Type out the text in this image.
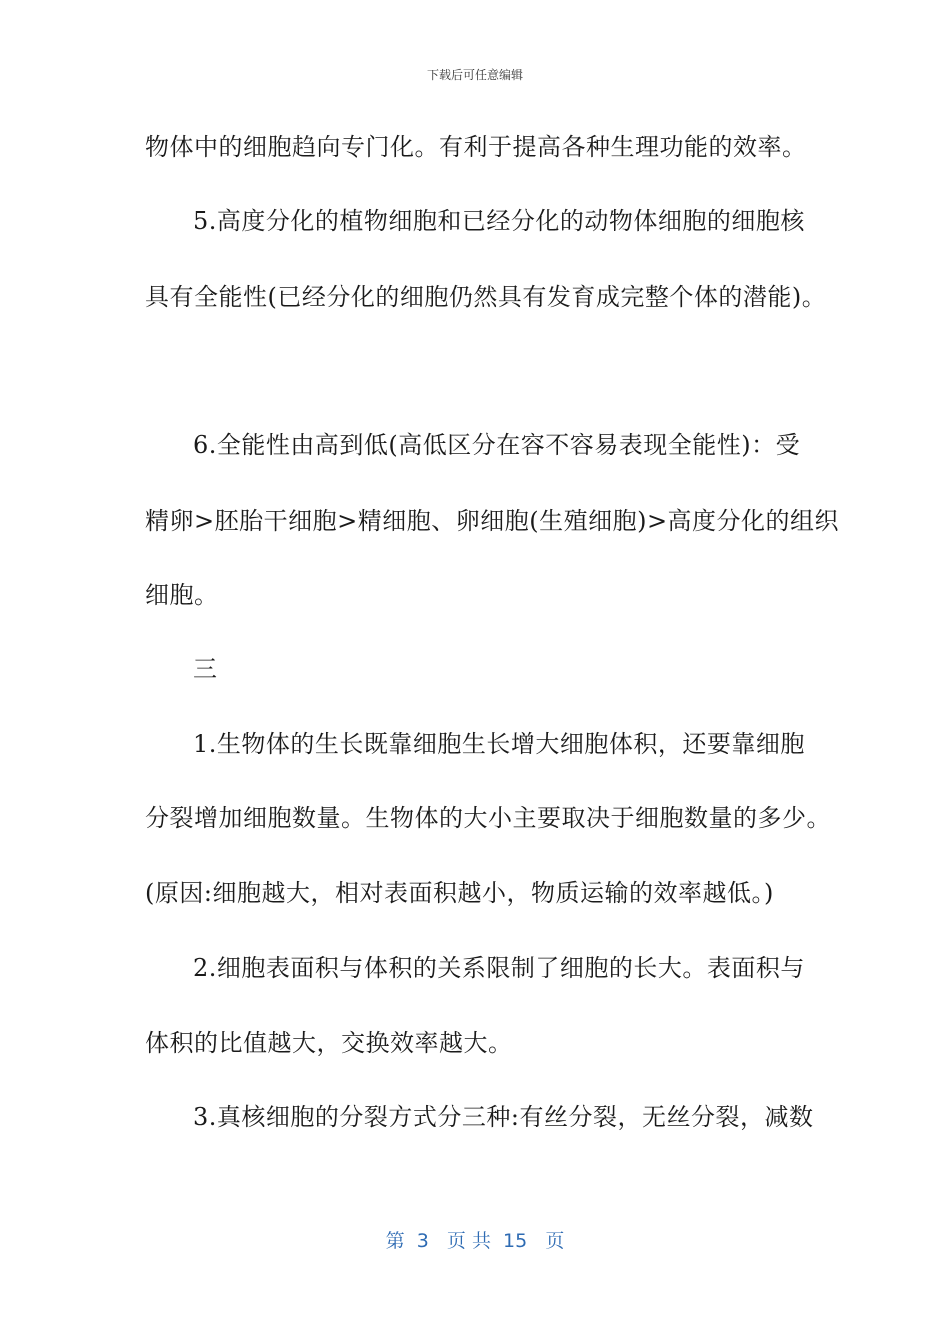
下载后可任意编辑
物体中的细胞趋向专门化。有利于提高各种生理功能的效率。
5.高度分化的植物细胞和已经分化的动物体细胞的细胞核
具有全能性(已经分化的细胞仍然具有发育成完整个体的潜能)。
6.全能性由高到低(高低区分在容不容易表现全能性)：受
精卵>胚胎干细胞>精细胞、卵细胞(生殖细胞)>高度分化的组织
细胞。
三
1.生物体的生长既靠细胞生长增大细胞体积，还要靠细胞
分裂增加细胞数量。生物体的大小主要取决于细胞数量的多少。
(原因:细胞越大，相对表面积越小，物质运输的效率越低。)
2.细胞表面积与体积的关系限制了细胞的长大。表面积与
体积的比值越大，交换效率越大。
3.真核细胞的分裂方式分三种:有丝分裂，无丝分裂，减数
第  3   页 共  15   页
